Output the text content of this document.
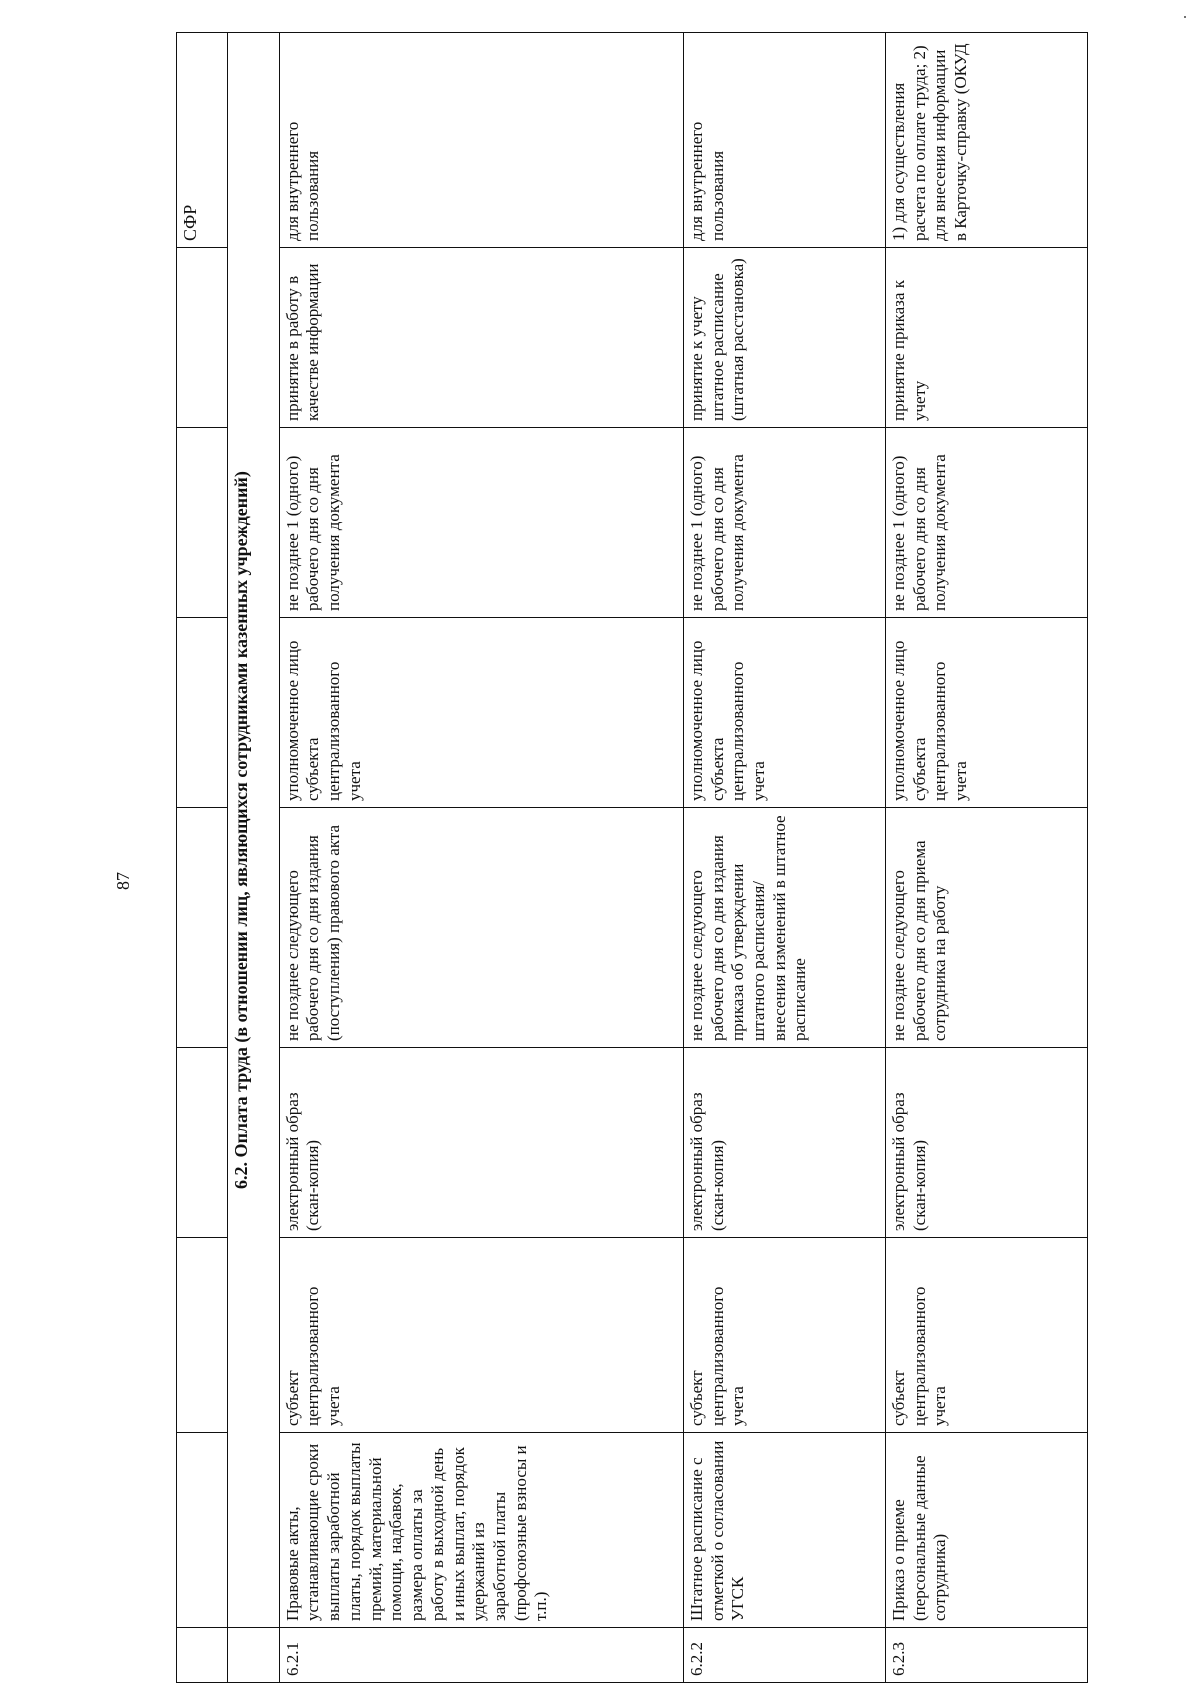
87
								СФР
	6.2. Оплата труда (в отношении лиц, являющихся сотрудниками казенных учреждений)							
6.2.1	Правовые акты, устанавливающие сроки выплаты заработной платы, порядок выплаты премий, материальной помощи, надбавок, размера оплаты за работу в выходной день и иных выплат, порядок удержаний из заработной платы (профсоюзные взносы и т.п.)	субъект централизованного учета	электронный образ (скан-копия)	не позднее следующего рабочего дня со дня издания (поступления) правового акта	уполномоченное лицо субъекта централизованного учета	не позднее 1 (одного) рабочего дня со дня получения документа	принятие в работу в качестве информации	для внутреннего пользования
6.2.2	Штатное расписание с отметкой о согласовании УГСК	субъект централизованного учета	электронный образ (скан-копия)	не позднее следующего рабочего дня со дня издания приказа об утверждении штатного расписания/ внесения изменений в штатное расписание	уполномоченное лицо субъекта централизованного учета	не позднее 1 (одного) рабочего дня со дня получения документа	принятие к учету штатное расписание (штатная расстановка)	для внутреннего пользования
6.2.3	Приказ о приеме (персональные данные сотрудника)	субъект централизованного учета	электронный образ (скан-копия)	не позднее следующего рабочего дня со дня приема сотрудника на работу	уполномоченное лицо субъекта централизованного учета	не позднее 1 (одного) рабочего дня со дня получения документа	принятие приказа к учету	1) для осуществления расчета по оплате труда; 2) для внесения информации в Карточку-справку (ОКУД
